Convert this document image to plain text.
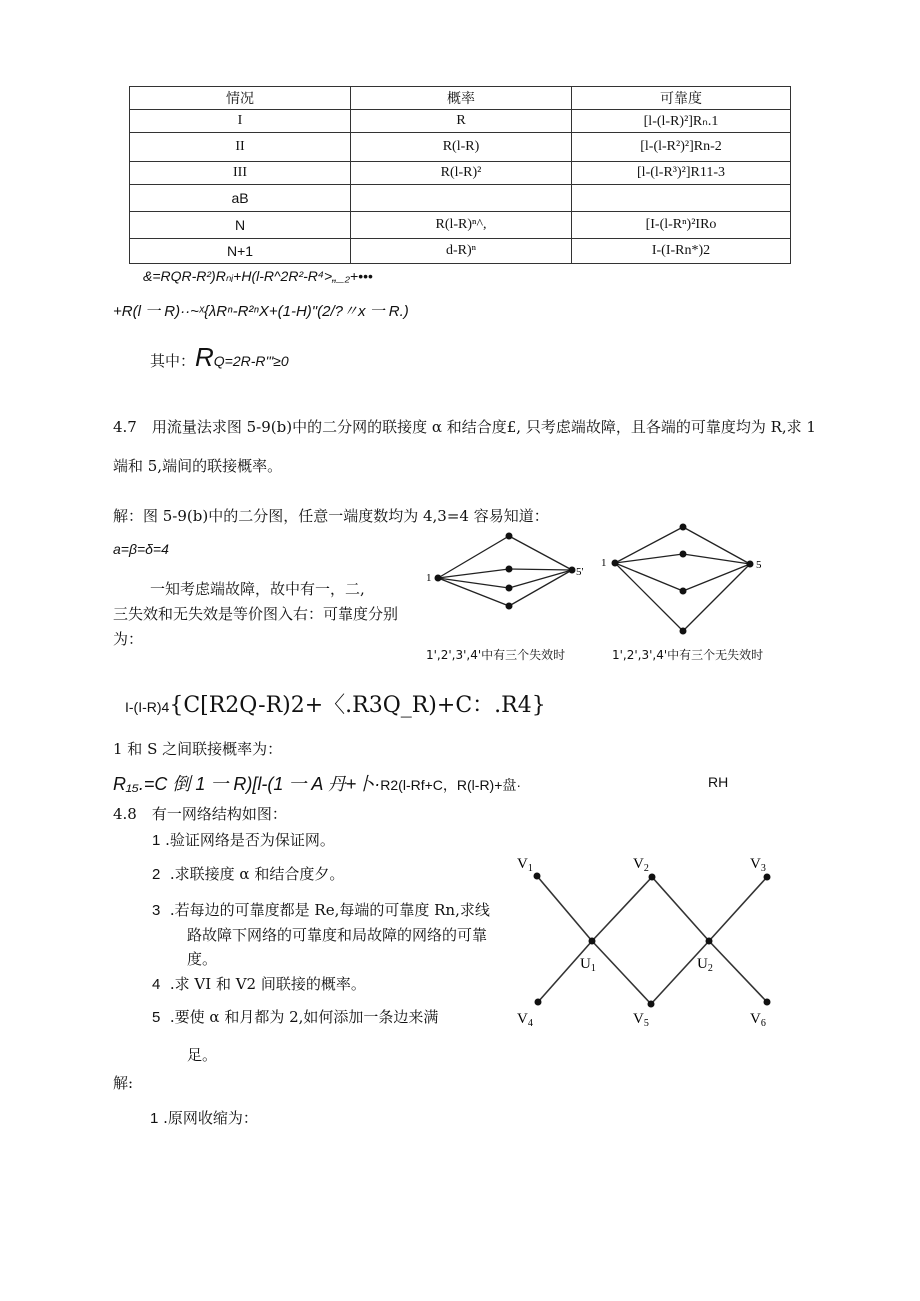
情况	概率	可靠度
I	R	[l-(l-R)²]Rₙ.1
II	R(l-R)	[l-(l-R²)²]Rn-2
III	R(l-R)²	[l-(l-R³)²]R11-3
aB		
N	R(l-R)ⁿ^,	[I-(l-Rⁿ)²IRo
N+1	d-R)ⁿ	I-(I-Rn*)2
&=RQR-R²)Rₙᵢ+H(l-R^2R²-R⁴>„_₂+•••
+R(l 一 R)··~ˣ{λRⁿ-R²ⁿX+(1-H)"(2/?〃x 一 R.)
其中：RQ=2R-R'"≥0
4.7　用流量法求图 5-9(b)中的二分网的联接度 α 和结合度£, 只考虑端故障，且各端的可靠度均为 R,求 1
端和 5,端间的联接概率。
解：图 5-9(b)中的二分图，任意一端度数均为 4,3=4 容易知道：
a=β=δ=4
一知考虑端故障，故中有一，二,
三失效和无失效是等价图入右：可靠度分别
为：
1	5'
1',2',3',4'中有三个失效时
1	5
1',2',3',4'中有三个无失效时
I-(I-R)4{C[R2Q-R)2+〈.R3Q_R)+C：.R4}
1 和 S 之间联接概率为：
R₁₅.=C 倒 1 一 R)[l-(1 一 A 丹+卜·R2(l-Rf+C，R(l-R)+盘·	RH
4.8　有一网络结构如图：
1 .验证网络是否为保证网。
2 .求联接度 α 和结合度夕。
3 .若每边的可靠度都是 Re,每端的可靠度 Rn,求线
路故障下网络的可靠度和局故障的网络的可靠
度。
4 .求 VI 和 V2 间联接的概率。
5 .要使 α 和月都为 2,如何添加一条边来满
足。
解:
1 .原网收缩为：
$V_1$	$V_2$	$V_3$
$V_4$	$V_5$	$V_6$
$U_1$	$U_2$
